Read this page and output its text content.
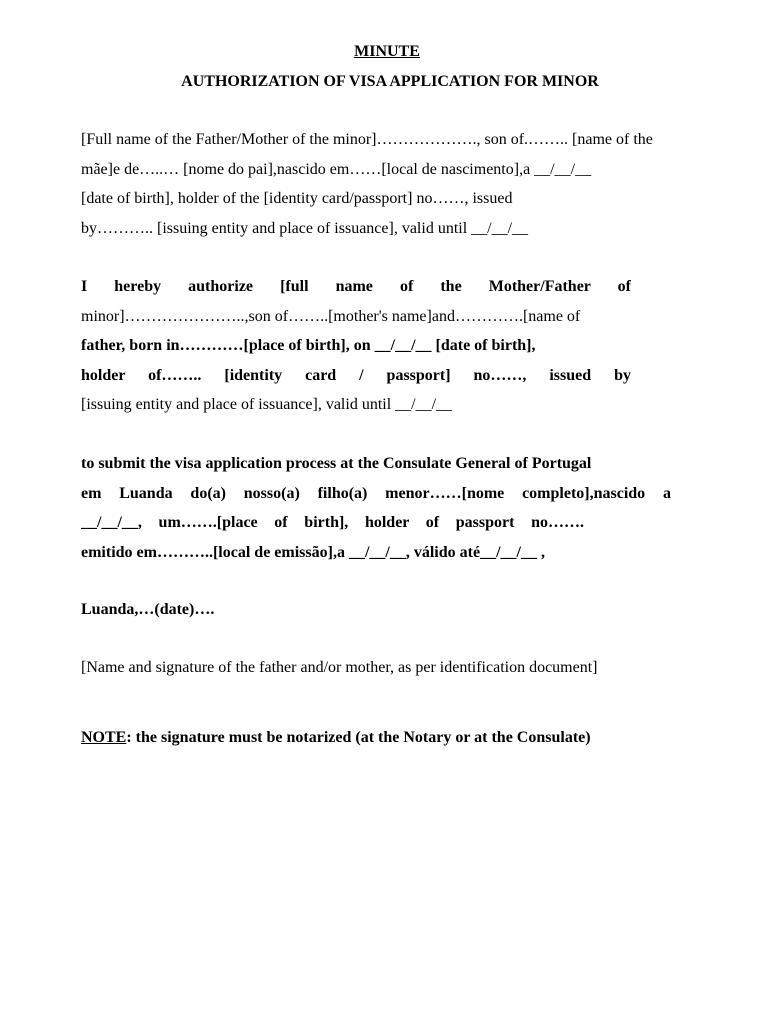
MINUTE
AUTHORIZATION OF VISA APPLICATION FOR MINOR
[Full name of the Father/Mother of the minor]………………., son of.…….. [name of the
mãe]e de…..… [nome do pai],nascido em……[local de nascimento],a __/__/__
[date of birth], holder of the [identity card/passport] no……, issued
by……….. [issuing entity and place of issuance], valid until __/__/__
I hereby authorize [full name of the Mother/Father of
minor]…………………..,son of……..[mother's name]and………….[name of
father, born in…………[place of birth], on __/__/__ [date of birth],
holder of…….. [identity card / passport] no……, issued by
[issuing entity and place of issuance], valid until __/__/__
to submit the visa application process at the Consulate General of Portugal
em Luanda do(a) nosso(a) filho(a) menor……[nome completo],nascido a
__/__/__, um…….[place of birth], holder of passport no…….
emitido em………..[local de emissão],a __/__/__, válido até__/__/__ ,
Luanda,…(date)….
[Name and signature of the father and/or mother, as per identification document]
NOTE: the signature must be notarized (at the Notary or at the Consulate)
